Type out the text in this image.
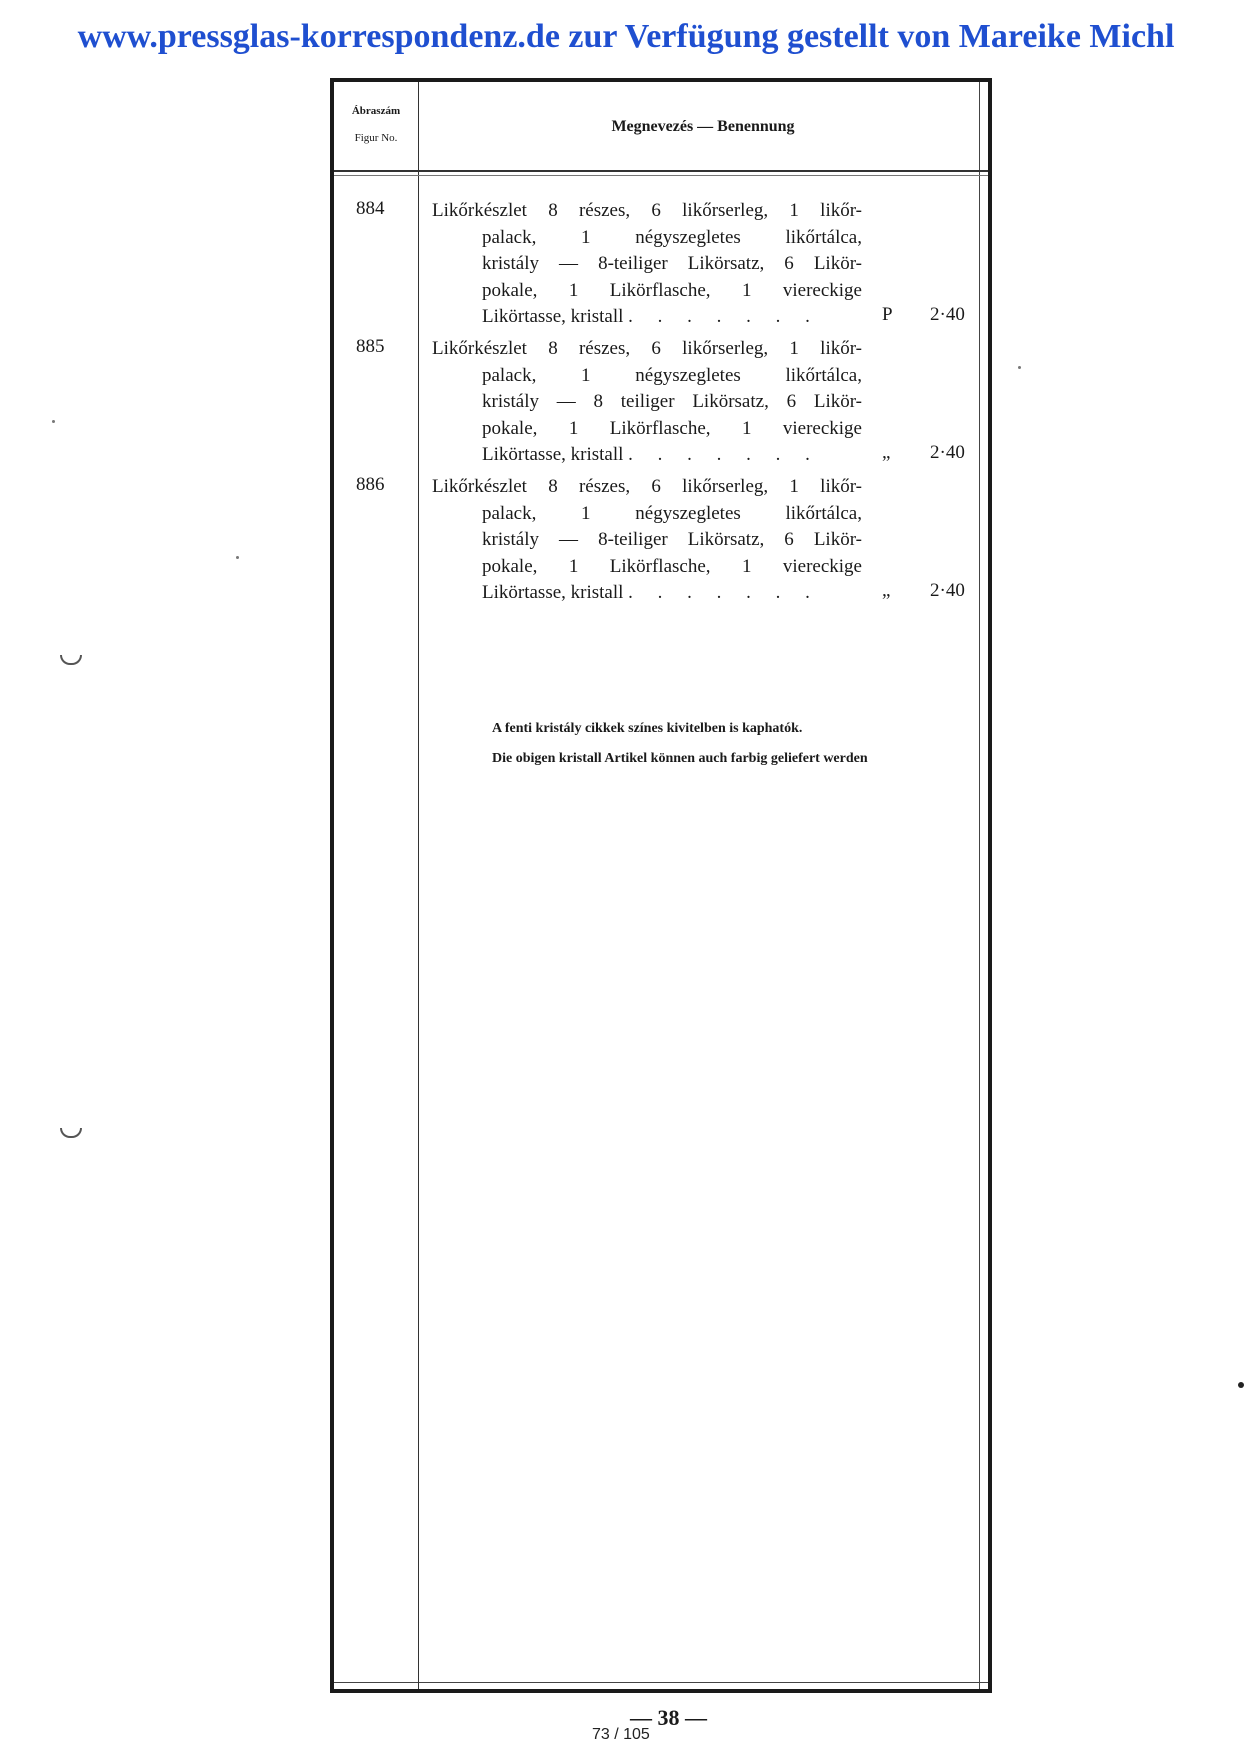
www.pressglas-korrespondenz.de zur Verfügung gestellt von Mareike Michl
Ábraszám
Figur No.
Megnevezés — Benennung
884	Likőrkészlet 8 részes, 6 likőrserleg, 1 likőr-
palack, 1 négyszegletes likőrtálca,
kristály — 8-teiliger Likörsatz, 6 Likör-
pokale, 1 Likörflasche, 1 viereckige
Likörtasse, kristall . . . . . . .	P 2·40
885	Likőrkészlet 8 részes, 6 likőrserleg, 1 likőr-
palack, 1 négyszegletes likőrtálca,
kristály — 8 teiliger Likörsatz, 6 Likör-
pokale, 1 Likörflasche, 1 viereckige
Likörtasse, kristall . . . . . . .	„ 2·40
886	Likőrkészlet 8 részes, 6 likőrserleg, 1 likőr-
palack, 1 négyszegletes likőrtálca,
kristály — 8-teiliger Likörsatz, 6 Likör-
pokale, 1 Likörflasche, 1 viereckige
Likörtasse, kristall . . . . . . .	„ 2·40
A fenti kristály cikkek színes kivitelben is kaphatók.
Die obigen kristall Artikel können auch farbig geliefert werden
— 38 —
73 / 105
